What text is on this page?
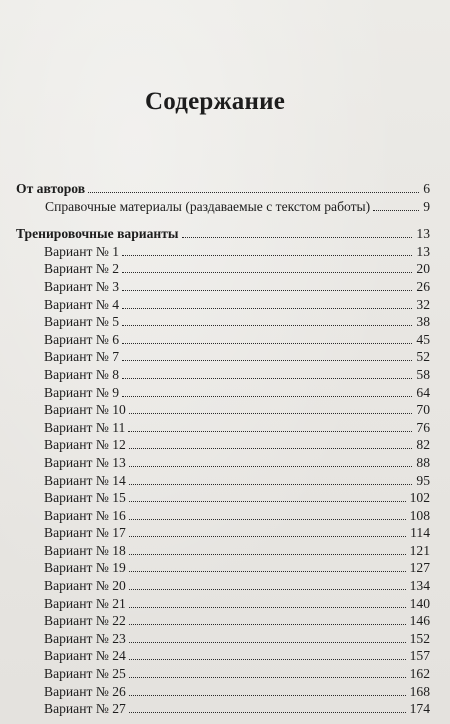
Содержание
От авторов	6
Справочные материалы (раздаваемые с текстом работы)	9
Тренировочные варианты	13
Вариант № 1	13
Вариант № 2	20
Вариант № 3	26
Вариант № 4	32
Вариант № 5	38
Вариант № 6	45
Вариант № 7	52
Вариант № 8	58
Вариант № 9	64
Вариант № 10	70
Вариант № 11	76
Вариант № 12	82
Вариант № 13	88
Вариант № 14	95
Вариант № 15	102
Вариант № 16	108
Вариант № 17	114
Вариант № 18	121
Вариант № 19	127
Вариант № 20	134
Вариант № 21	140
Вариант № 22	146
Вариант № 23	152
Вариант № 24	157
Вариант № 25	162
Вариант № 26	168
Вариант № 27	174
